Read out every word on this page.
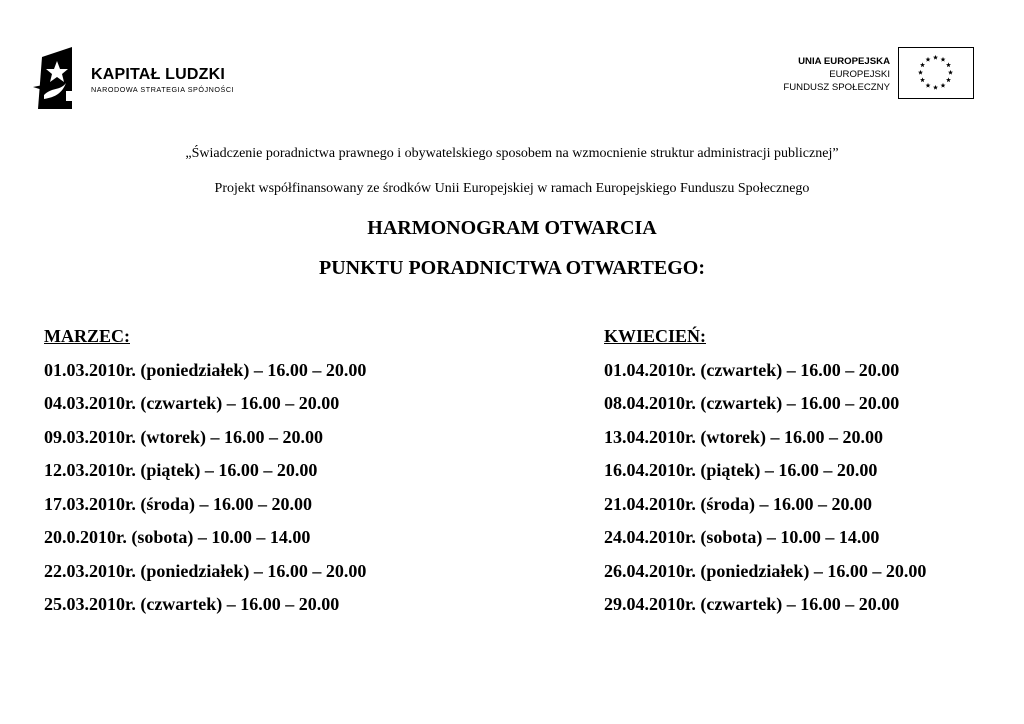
KAPITAŁ LUDZKI
NARODOWA STRATEGIA SPÓJNOŚCI
UNIA EUROPEJSKA
EUROPEJSKI
FUNDUSZ SPOŁECZNY
„Świadczenie poradnictwa prawnego i obywatelskiego sposobem na wzmocnienie struktur administracji publicznej”
Projekt współfinansowany ze środków Unii Europejskiej w ramach Europejskiego Funduszu Społecznego
HARMONOGRAM OTWARCIA
PUNKTU PORADNICTWA OTWARTEGO:
MARZEC:
01.03.2010r. (poniedziałek) – 16.00 – 20.00
04.03.2010r. (czwartek) – 16.00 – 20.00
09.03.2010r. (wtorek) – 16.00 – 20.00
12.03.2010r. (piątek) – 16.00 – 20.00
17.03.2010r. (środa) – 16.00 – 20.00
20.0.2010r. (sobota) – 10.00 – 14.00
22.03.2010r. (poniedziałek) – 16.00 – 20.00
25.03.2010r. (czwartek) – 16.00 – 20.00
KWIECIEŃ:
01.04.2010r. (czwartek) – 16.00 – 20.00
08.04.2010r. (czwartek) – 16.00 – 20.00
13.04.2010r. (wtorek) – 16.00 – 20.00
16.04.2010r. (piątek) – 16.00 – 20.00
21.04.2010r. (środa) – 16.00 – 20.00
24.04.2010r. (sobota) – 10.00 – 14.00
26.04.2010r. (poniedziałek) – 16.00 – 20.00
29.04.2010r. (czwartek) – 16.00 – 20.00
